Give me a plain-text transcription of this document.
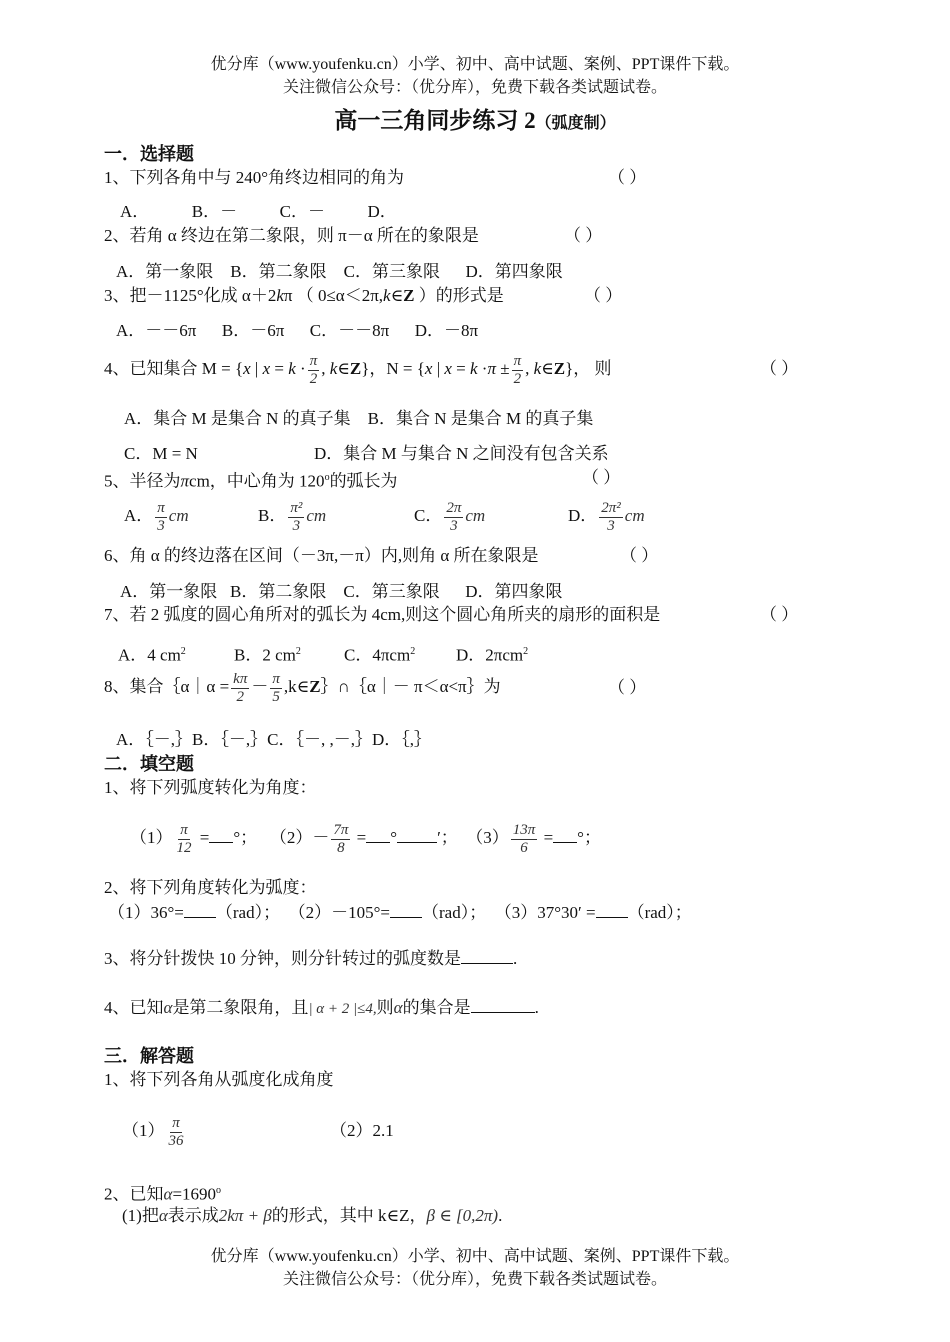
优分库（www.youfenku.cn）小学、初中、高中试题、案例、PPT课件下载。
关注微信公众号：（优分库），免费下载各类试题试卷。
高一三角同步练习 2（弧度制）
一．选择题
1、下列各角中与 240°角终边相同的角为	（ ）
A．          B．－          C．－          D．
2、若角 α 终边在第二象限，则 π－α 所在的象限是	（ ）
A．第一象限    B．第二象限    C．第三象限      D．第四象限
3、把－1125°化成 α＋2kπ （ 0≤α＜2π,k∈Z ）的形式是	（ ）
A．－－6π      B．－6π      C．－－8π      D．－8π
4、已知集合 M = {x | $x = k \cdot \frac{\pi}{2}$ , k∈Z}，N = {x | $x = k \cdot\pi \pm \frac{\pi}{2}$ , k∈Z}， 则	（ ）
A．集合 M 是集合 N 的真子集    B．集合 N 是集合 M 的真子集
C．M = N	D．集合 M 与集合 N 之间没有包含关系
5、半径为πcm，中心角为 120$^o$的弧长为	（ ）
A． $\frac{\pi}{3}$ cm	B． $\frac{\text{π²}}{3}$ cm	C． $\frac{2\pi}{3}$ cm	D． $\frac{\text{2π²}}{3}$ cm
6、角 α 的终边落在区间（－3π,－π）内,则角 α 所在象限是	（ ）
A．第一象限   B．第二象限    C．第三象限      D．第四象限
7、若 2 弧度的圆心角所对的弧长为 4cm,则这个圆心角所夹的扇形的面积是	（ ）
A．4 $cm^2$	B．2 $cm^2$	C．4πcm$^2$ D．2πcm$^2$
8、集合｛α｜α = $\frac{k\pi}{2} - \frac{\pi}{5}$ ,k∈Z｝∩｛α｜－ π＜α<π｝为	（ ）
A．｛－,｝B．｛－,｝C．｛－, ,－,｝D．｛,｝
二．填空题
1、将下列弧度转化为角度：
$(1) \frac{\pi}{12}$ = °； $(2)- \frac{7\pi}{8}$ = ° ′； $(3) \frac{13\pi}{6}$ = °；
2、将下列角度转化为弧度：
（1）36°= （rad）； （2）－105°= （rad）； （3）37°30′ = （rad）；
3、将分针拨快 10 分钟，则分针转过的弧度数是	.
4、已知α是第二象限角，且| α + 2 |≤4,则α的集合是	.
三．解答题
1、将下列各角从弧度化成角度
$(1) \frac{\pi}{36}$	（2）2.1
2、已知$\alpha=1690^o$
(1)把α表示成2kπ + β的形式，其中 k∈Z，β ∈ [0,2π).
优分库（www.youfenku.cn）小学、初中、高中试题、案例、PPT课件下载。
关注微信公众号：（优分库），免费下载各类试题试卷。
